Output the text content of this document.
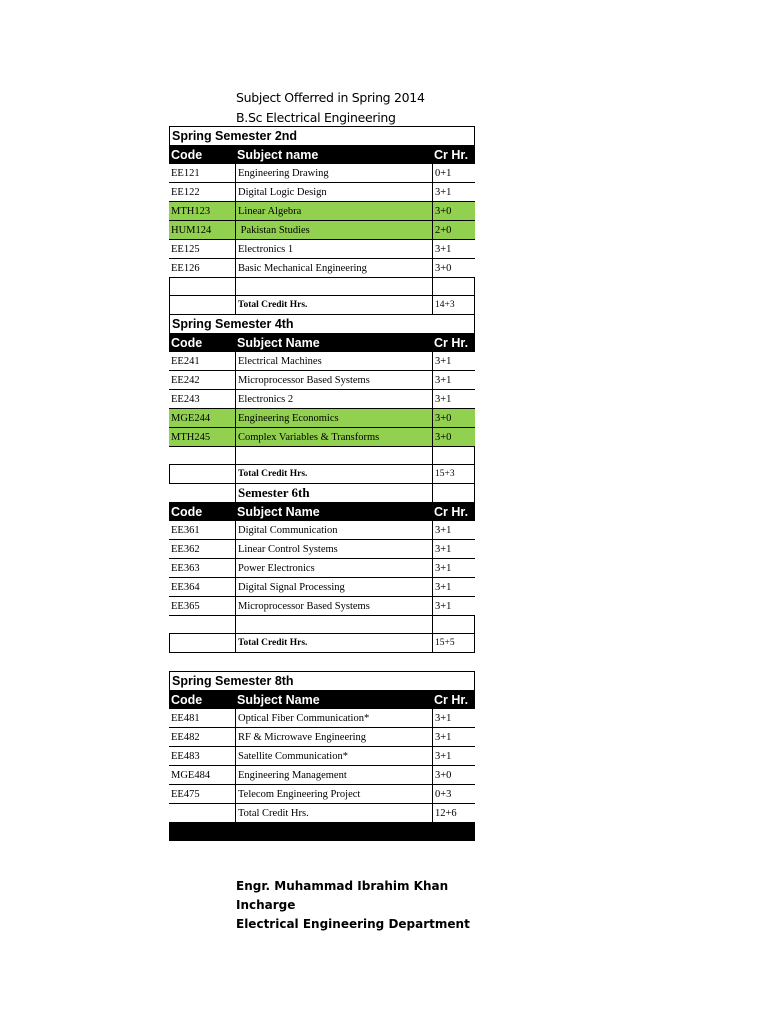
Subject Offerred in Spring 2014
B.Sc Electrical Engineering
Spring Semester 2nd
Code	Subject name	Cr Hr.
EE121	Engineering Drawing	0+1
EE122	Digital Logic Design	3+1
MTH123	Linear Algebra	3+0
HUM124	Pakistan Studies	2+0
EE125	Electronics 1	3+1
EE126	Basic Mechanical Engineering	3+0
Total Credit Hrs.	14+3
Spring Semester 4th
Code	Subject Name	Cr Hr.
EE241	Electrical Machines	3+1
EE242	Microprocessor Based Systems	3+1
EE243	Electronics 2	3+1
MGE244	Engineering Economics	3+0
MTH245	Complex Variables & Transforms	3+0
Total Credit Hrs.	15+3
Semester 6th
Code	Subject Name	Cr Hr.
EE361	Digital Communication	3+1
EE362	Linear Control Systems	3+1
EE363	Power Electronics	3+1
EE364	Digital Signal Processing	3+1
EE365	Microprocessor Based Systems	3+1
Total Credit Hrs.	15+5
Spring Semester 8th
Code	Subject Name	Cr Hr.
EE481	Optical Fiber Communication*	3+1
EE482	RF & Microwave Engineering	3+1
EE483	Satellite Communication*	3+1
MGE484	Engineering Management	3+0
EE475	Telecom Engineering Project	0+3
Total Credit Hrs.	12+6
Engr. Muhammad Ibrahim Khan
Incharge
Electrical Engineering Department
